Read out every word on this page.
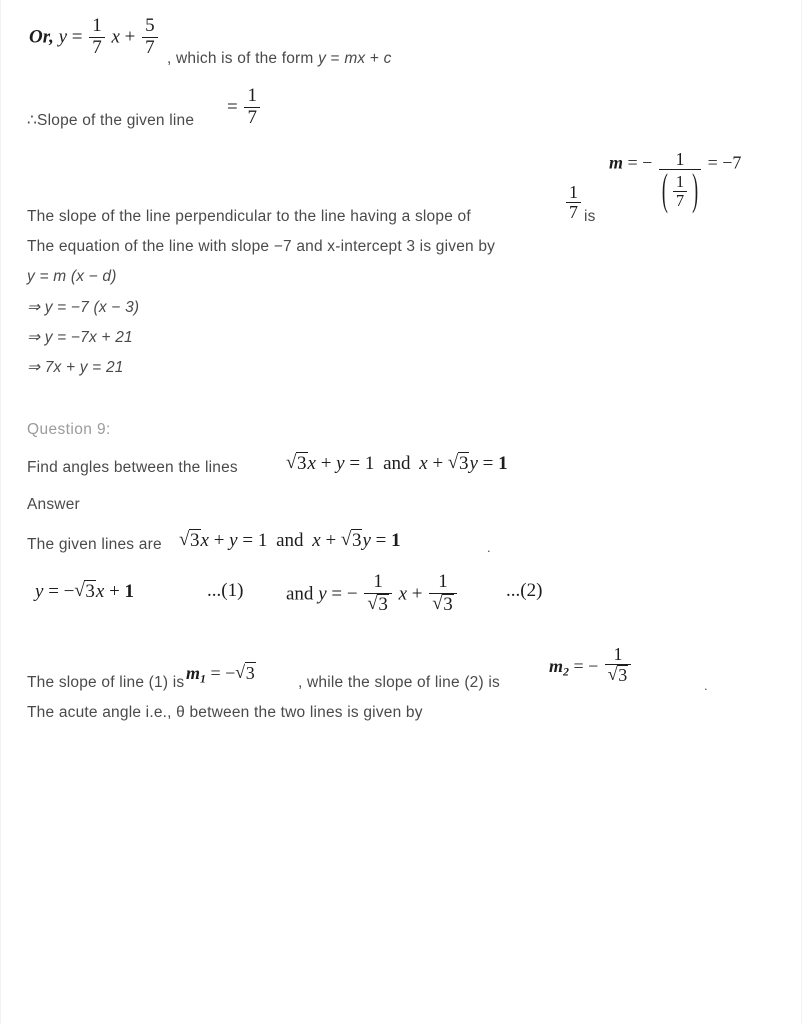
Or, $y = \frac{1}{7}$ $x + \frac{5}{7}$
, which is of the form y = mx + c
∴Slope of the given line
= $\frac{1}{7}$
m = − 1
( $\frac{1}{7}$
) = −7
The slope of the line perpendicular to the line having a slope of	$\frac{1}{7}$ is
The equation of the line with slope −7 and x-intercept 3 is given by
y = m (x − d)
⇒ y = −7 (x − 3)
⇒ y = −7x + 21
⇒ 7x + y = 21
Question 9:
Find angles between the lines	√ 3x + y = 1 and x + √ 3y = 1
Answer
The given lines are	√ 3x + y = 1 and x + √ 3y = 1	.
y = − √ 3x + 1	...(1) and y = − 1
√ 3 x + 1
√ 3	...(2)
The slope of line (1) is $m_1$ = − √ 3	, while the slope of line (2) is
$m_2$ = − 1
√ 3	.
The acute angle i.e., θ between the two lines is given by
